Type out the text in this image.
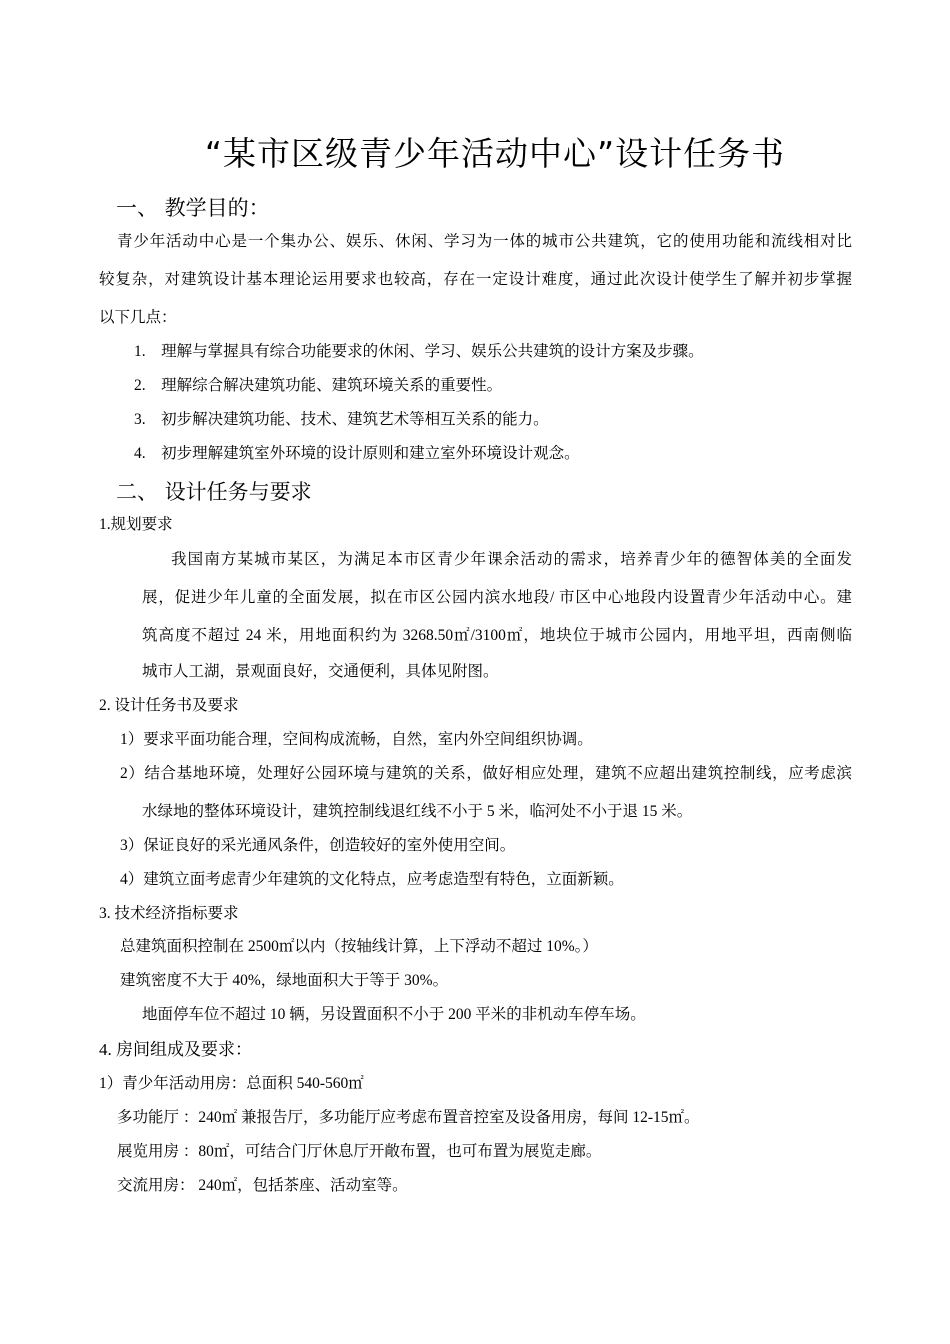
“某市区级青少年活动中心”设计任务书
一、 教学目的：
青少年活动中心是一个集办公、娱乐、休闲、学习为一体的城市公共建筑，它的使用功能和流线相对比
较复杂，对建筑设计基本理论运用要求也较高，存在一定设计难度，通过此次设计使学生了解并初步掌握
以下几点：
1.　理解与掌握具有综合功能要求的休闲、学习、娱乐公共建筑的设计方案及步骤。
2.　理解综合解决建筑功能、建筑环境关系的重要性。
3.　初步解决建筑功能、技术、建筑艺术等相互关系的能力。
4.　初步理解建筑室外环境的设计原则和建立室外环境设计观念。
二、 设计任务与要求
1.规划要求
我国南方某城市某区，为满足本市区青少年课余活动的需求，培养青少年的德智体美的全面发
展，促进少年儿童的全面发展，拟在市区公园内滨水地段/ 市区中心地段内设置青少年活动中心。建
筑高度不超过 24 米，用地面积约为 3268.50㎡/3100㎡，地块位于城市公园内，用地平坦，西南侧临
城市人工湖，景观面良好，交通便利，具体见附图。
2. 设计任务书及要求
1）要求平面功能合理，空间构成流畅，自然，室内外空间组织协调。
2）结合基地环境，处理好公园环境与建筑的关系，做好相应处理，建筑不应超出建筑控制线，应考虑滨
水绿地的整体环境设计，建筑控制线退红线不小于 5 米，临河处不小于退 15 米。
3）保证良好的采光通风条件，创造较好的室外使用空间。
4）建筑立面考虑青少年建筑的文化特点，应考虑造型有特色，立面新颖。
3. 技术经济指标要求
总建筑面积控制在 2500㎡以内（按轴线计算，上下浮动不超过 10%。）
建筑密度不大于 40%，绿地面积大于等于 30%。
地面停车位不超过 10 辆，另设置面积不小于 200 平米的非机动车停车场。
4. 房间组成及要求：
1）青少年活动用房：总面积 540-560㎡
多功能厅 ：240㎡ 兼报告厅，多功能厅应考虑布置音控室及设备用房，每间 12-15㎡。
展览用房 ：80㎡，可结合门厅休息厅开敞布置，也可布置为展览走廊。
交流用房： 240㎡，包括茶座、活动室等。
